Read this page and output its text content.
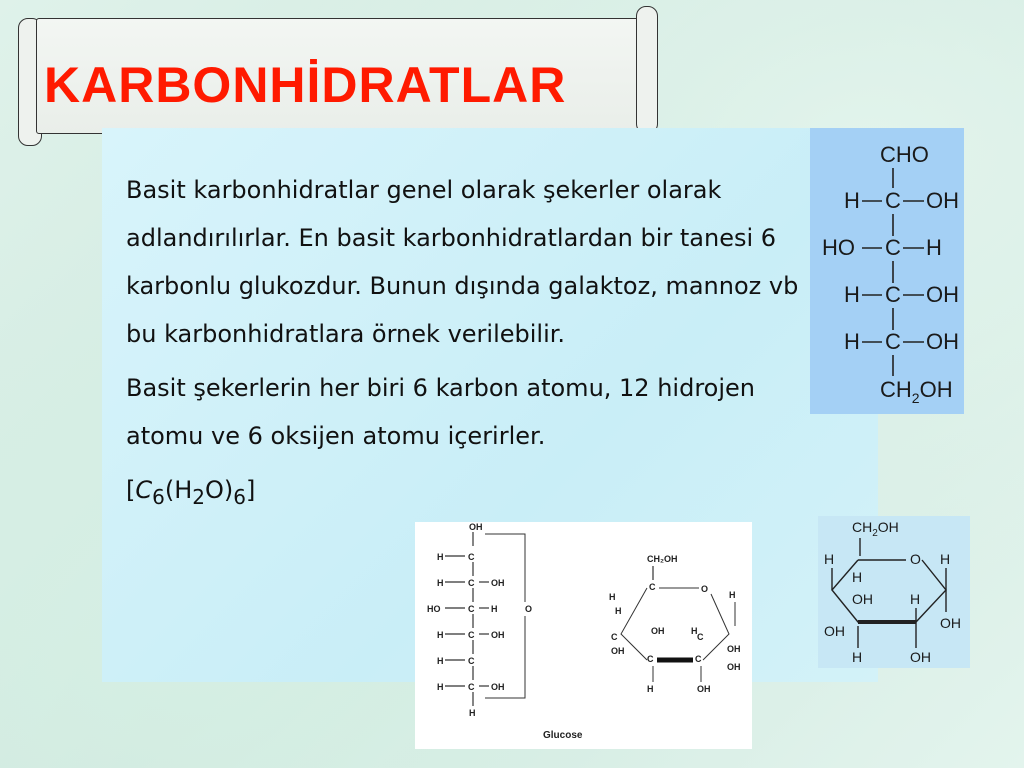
KARBONHİDRATLAR

Basit karbonhidratlar genel olarak şekerler olarak adlandırılırlar. En basit karbonhidratlardan bir tanesi 6 karbonlu glukozdur. Bunun dışında galaktoz, mannoz vb bu karbonhidratlara örnek verilebilir.

Basit şekerlerin her biri 6 karbon atomu, 12 hidrojen atomu ve 6 oksijen atomu içerirler.

$[C_6(H_2O)_6]$

CHO
H C OH
HO C H
H C OH
H C OH
$CH_2OH$
$CH_2OH$
H	O H
H
OH	H
OH	OH
H	OH
OH
H	C
H	C OH
HO	C H
H	C OH
H	C
H	C OH
H
O
CH₂OH
C
H
O
H
H
C	C
OH	H
OH
OH
C	C
OH
H	OH
Glucose
